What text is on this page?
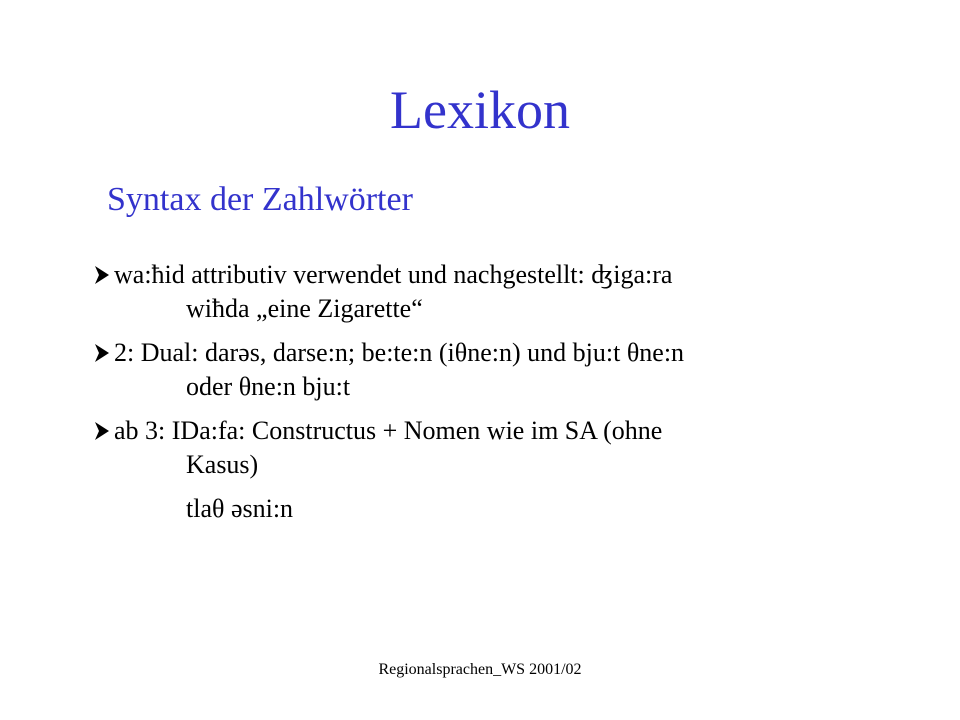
Lexikon
Syntax der Zahlwörter
wa:ħid attributiv verwendet und nachgestellt: ʤiga:ra
wiħda „eine Zigarette“
2: Dual: darəs, darse:n; be:te:n (iθne:n) und bju:t θne:n
oder θne:n bju:t
ab 3: IDa:fa: Constructus + Nomen wie im SA (ohne
Kasus)
tlaθ əsni:n
Regionalsprachen_WS 2001/02
